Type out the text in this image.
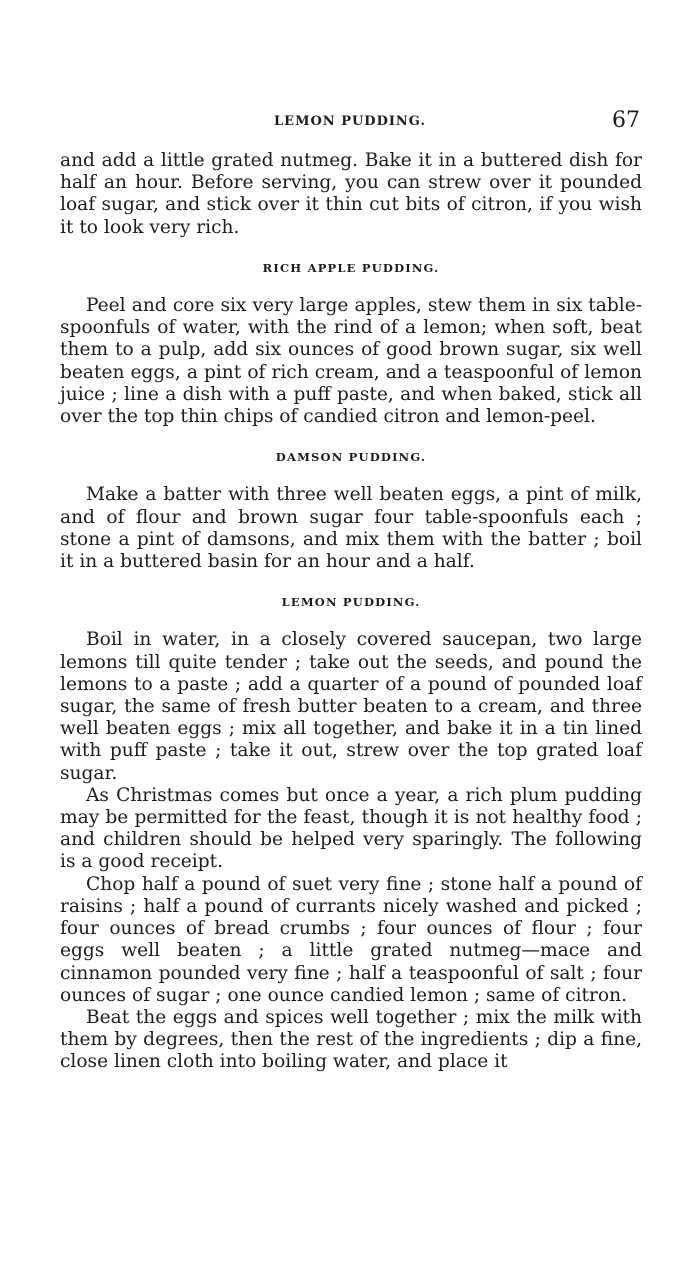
LEMON PUDDING.	67

and add a little grated nutmeg. Bake it in a buttered dish for half an hour. Before serving, you can strew over it pounded loaf sugar, and stick over it thin cut bits of citron, if you wish it to look very rich.

RICH APPLE PUDDING.

Peel and core six very large apples, stew them in six table-spoonfuls of water, with the rind of a lemon; when soft, beat them to a pulp, add six ounces of good brown sugar, six well beaten eggs, a pint of rich cream, and a teaspoonful of lemon juice ; line a dish with a puff paste, and when baked, stick all over the top thin chips of candied citron and lemon-peel.

DAMSON PUDDING.

Make a batter with three well beaten eggs, a pint of milk, and of flour and brown sugar four table-spoonfuls each ; stone a pint of damsons, and mix them with the batter ; boil it in a buttered basin for an hour and a half.

LEMON PUDDING.

Boil in water, in a closely covered saucepan, two large lemons till quite tender ; take out the seeds, and pound the lemons to a paste ; add a quarter of a pound of pounded loaf sugar, the same of fresh butter beaten to a cream, and three well beaten eggs ; mix all together, and bake it in a tin lined with puff paste ; take it out, strew over the top grated loaf sugar.

As Christmas comes but once a year, a rich plum pudding may be permitted for the feast, though it is not healthy food ; and children should be helped very sparingly. The following is a good receipt.

Chop half a pound of suet very fine ; stone half a pound of raisins ; half a pound of currants nicely washed and picked ; four ounces of bread crumbs ; four ounces of flour ; four eggs well beaten ; a little grated nutmeg—mace and cinnamon pounded very fine ; half a teaspoonful of salt ; four ounces of sugar ; one ounce candied lemon ; same of citron.

Beat the eggs and spices well together ; mix the milk with them by degrees, then the rest of the ingredients ; dip a fine, close linen cloth into boiling water, and place it
